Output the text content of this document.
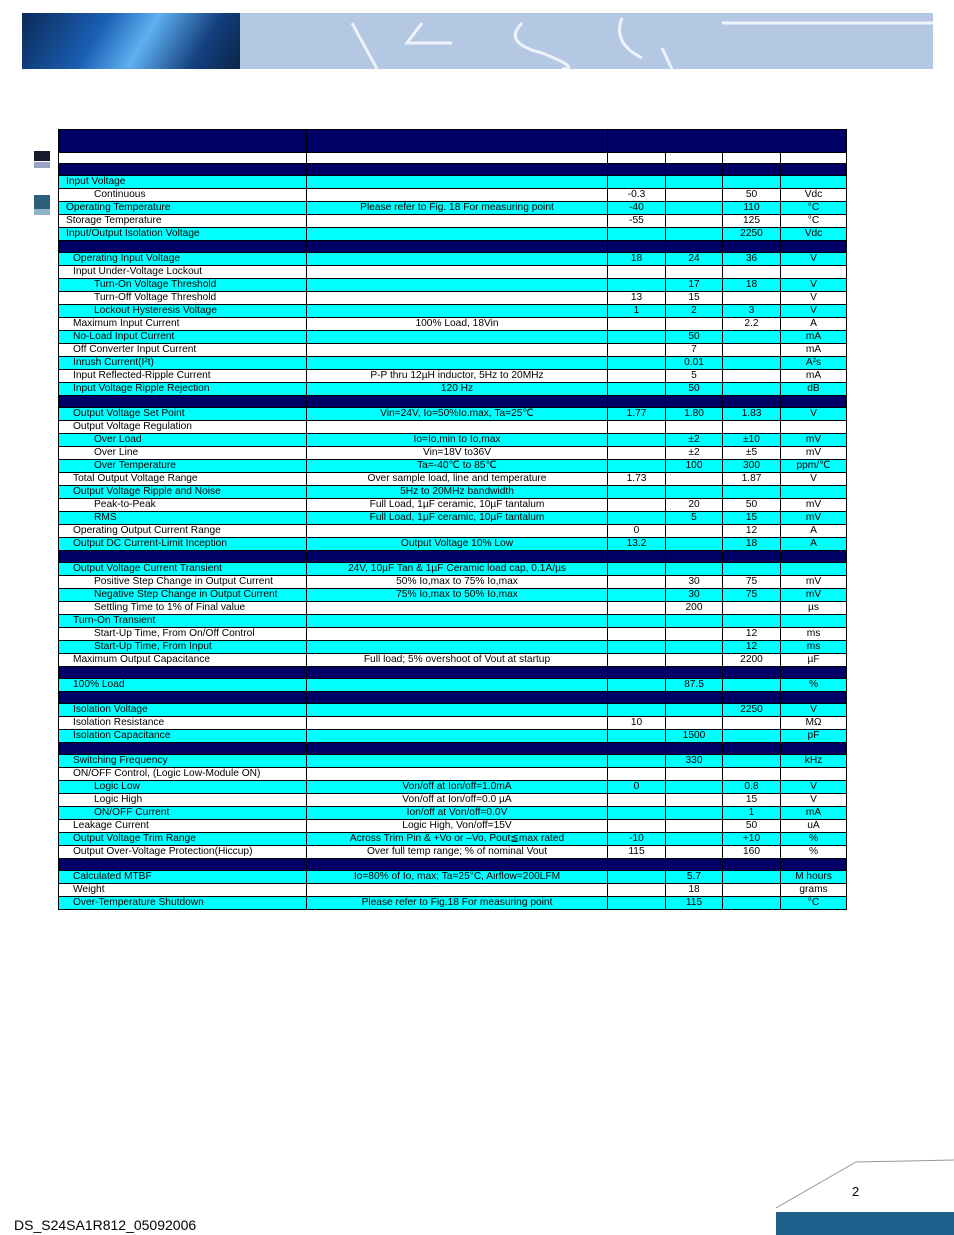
Input Voltage					
Continuous		-0.3		50	Vdc
Operating Temperature	Please refer to Fig. 18 For measuring point	-40		110	°C
Storage Temperature		-55		125	°C
Input/Output Isolation Voltage				2250	Vdc

Operating Input Voltage		18	24	36	V
Input Under-Voltage Lockout					
Turn-On Voltage Threshold			17	18	V
Turn-Off Voltage Threshold		13	15		V
Lockout Hysteresis Voltage		1	2	3	V
Maximum Input Current	100% Load, 18Vin			2.2	A
No-Load Input Current			50		mA
Off Converter Input Current			7		mA
Inrush Current(I²t)			0.01		A²s
Input Reflected-Ripple Current	P-P thru 12µH inductor, 5Hz to 20MHz		5		mA
Input Voltage Ripple Rejection	120 Hz		50		dB

Output Voltage Set Point	Vin=24V, Io=50%Io.max, Ta=25℃	1.77	1.80	1.83	V
Output Voltage Regulation					
Over Load	Io=Io,min to Io,max		±2	±10	mV
Over Line	Vin=18V to36V		±2	±5	mV
Over Temperature	Ta=-40℃ to 85℃		100	300	ppm/℃
Total Output Voltage Range	Over sample load, line and temperature	1.73		1.87	V
Output Voltage Ripple and Noise	5Hz to 20MHz bandwidth				
Peak-to-Peak	Full Load, 1µF ceramic, 10µF tantalum		20	50	mV
RMS	Full Load, 1µF ceramic, 10µF tantalum		5	15	mV
Operating Output Current Range		0		12	A
Output DC Current-Limit Inception	Output Voltage 10% Low	13.2		18	A

Output Voltage Current Transient	24V, 10µF Tan & 1µF Ceramic load cap, 0.1A/µs				
Positive Step Change in Output Current	50% Io,max to 75% Io,max		30	75	mV
Negative Step Change in Output Current	75% Io,max to 50% Io,max		30	75	mV
Settling Time to 1% of Final value			200		µs
Turn-On Transient					
Start-Up Time, From On/Off Control				12	ms
Start-Up Time, From Input				12	ms
Maximum Output Capacitance	Full load; 5% overshoot of Vout at startup			2200	µF

100% Load			87.5		%

Isolation Voltage				2250	V
Isolation Resistance		10			MΩ
Isolation Capacitance			1500		pF

Switching Frequency			330		kHz
ON/OFF Control, (Logic Low-Module ON)					
Logic Low	Von/off at Ion/off=1.0mA	0		0.8	V
Logic High	Von/off at Ion/off=0.0 µA			15	V
ON/OFF Current	Ion/off at Von/off=0.0V			1	mA
Leakage Current	Logic High, Von/off=15V			50	uA
Output Voltage Trim Range	Across Trim Pin & +Vo or –Vo, Pout≦max rated	-10		+10	%
Output Over-Voltage Protection(Hiccup)	Over full temp range; % of nominal Vout	115		160	%

Calculated MTBF	Io=80% of Io, max; Ta=25°C, Airflow=200LFM		5.7		M hours
Weight			18		grams
Over-Temperature Shutdown	Please refer to Fig.18 For measuring point		115		°C
2
DS_S24SA1R812_05092006
